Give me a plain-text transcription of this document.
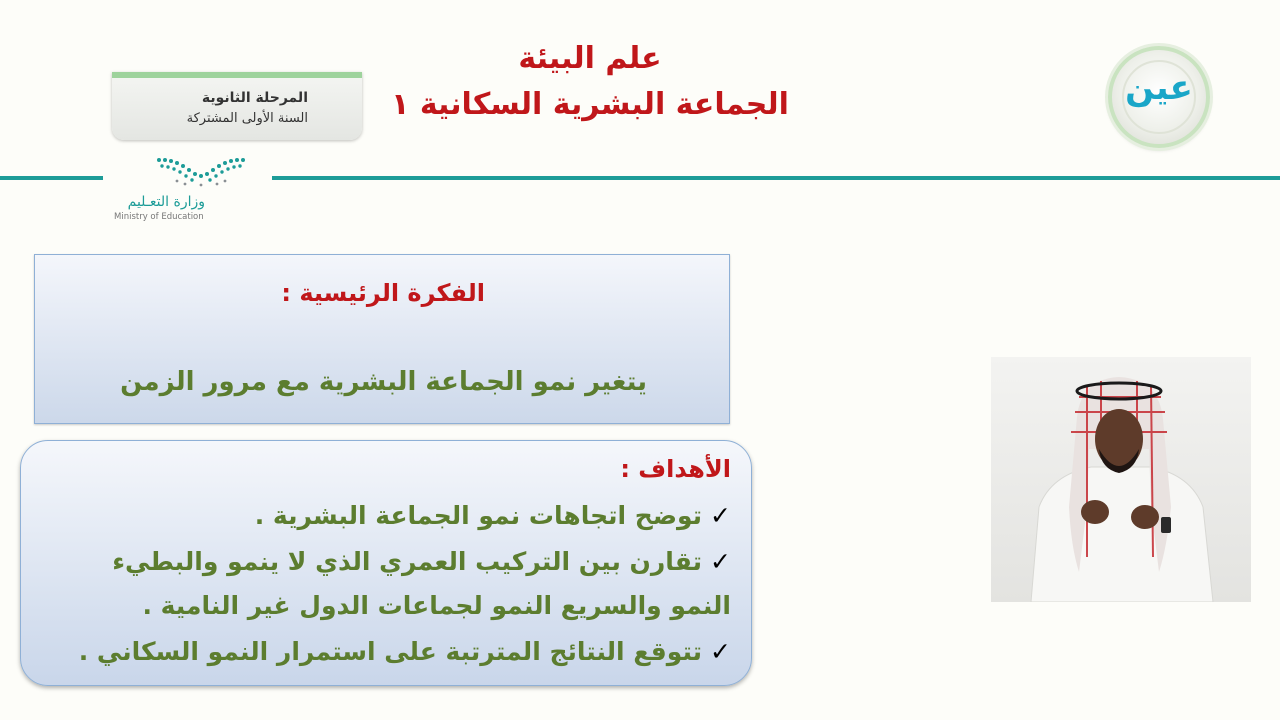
علم البيئة
الجماعة البشرية السكانية ١
المرحلة الثانوية
السنة الأولى المشتركة
وزارة التعـليم
Ministry of Education
عين
الفكرة الرئيسية :
يتغير نمو الجماعة البشرية مع مرور الزمن
الأهداف :
✓توضح اتجاهات نمو الجماعة البشرية .
✓تقارن بين التركيب العمري الذي لا ينمو والبطيء
النمو والسريع النمو لجماعات الدول غير النامية .
✓تتوقع النتائج المترتبة على استمرار النمو السكاني .
